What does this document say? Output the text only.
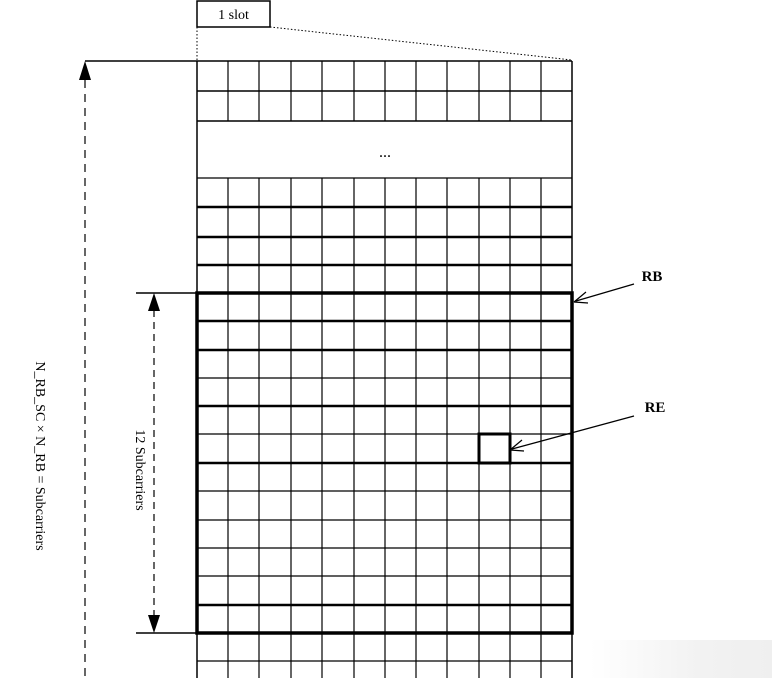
1 slot
...
RB
RE
12 Subcarriers
N_RB_SC × N_RB = Subcarriers
